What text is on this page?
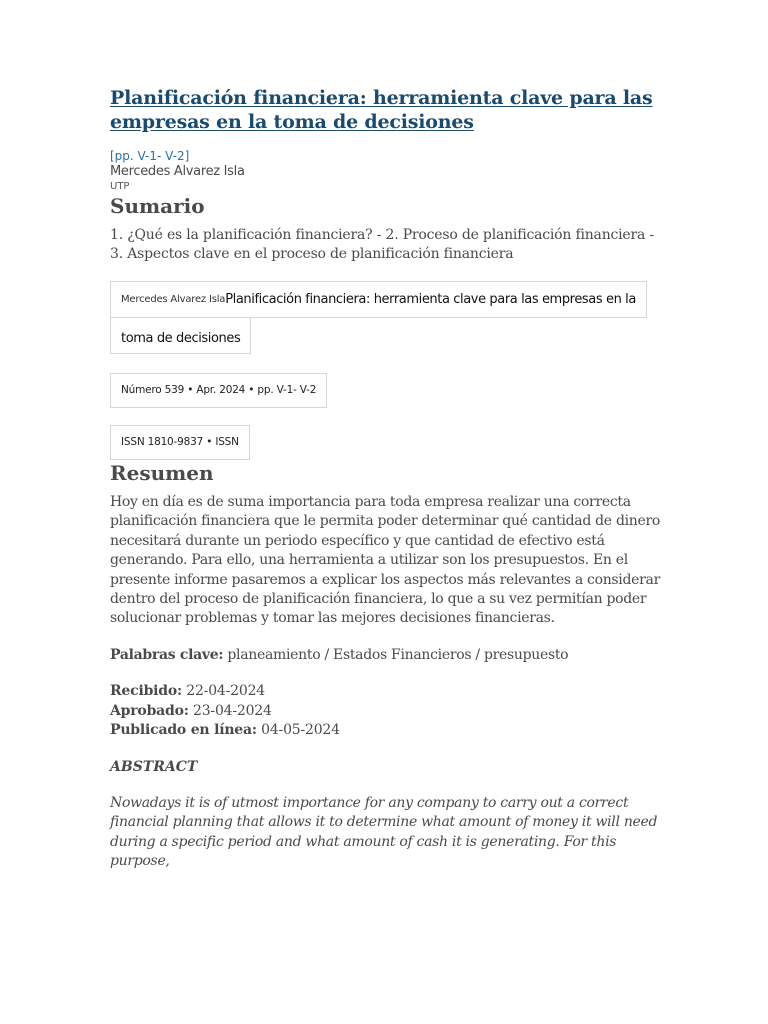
Planificación financiera: herramienta clave para las empresas en la toma de decisiones
[pp. V-1- V-2]
Mercedes Alvarez Isla
UTP
Sumario
1. ¿Qué es la planificación financiera? - 2. Proceso de planificación financiera - 3. Aspectos clave en el proceso de planificación financiera
Mercedes Alvarez Isla Planificación financiera: herramienta clave para las empresas en la
toma de decisiones
Número 539 • Apr. 2024 • pp. V-1- V-2
ISSN 1810-9837 • ISSN
Resumen

Hoy en día es de suma importancia para toda empresa realizar una correcta planificación financiera que le permita poder determinar qué cantidad de dinero necesitará durante un periodo específico y que cantidad de efectivo está generando. Para ello, una herramienta a utilizar son los presupuestos. En el presente informe pasaremos a explicar los aspectos más relevantes a considerar dentro del proceso de planificación financiera, lo que a su vez permitían poder solucionar problemas y tomar las mejores decisiones financieras.

Palabras clave: planeamiento / Estados Financieros / presupuesto

Recibido: 22-04-2024
Aprobado: 23-04-2024
Publicado en línea: 04-05-2024
ABSTRACT

Nowadays it is of utmost importance for any company to carry out a correct financial planning that allows it to determine what amount of money it will need during a specific period and what amount of cash it is generating. For this purpose,
